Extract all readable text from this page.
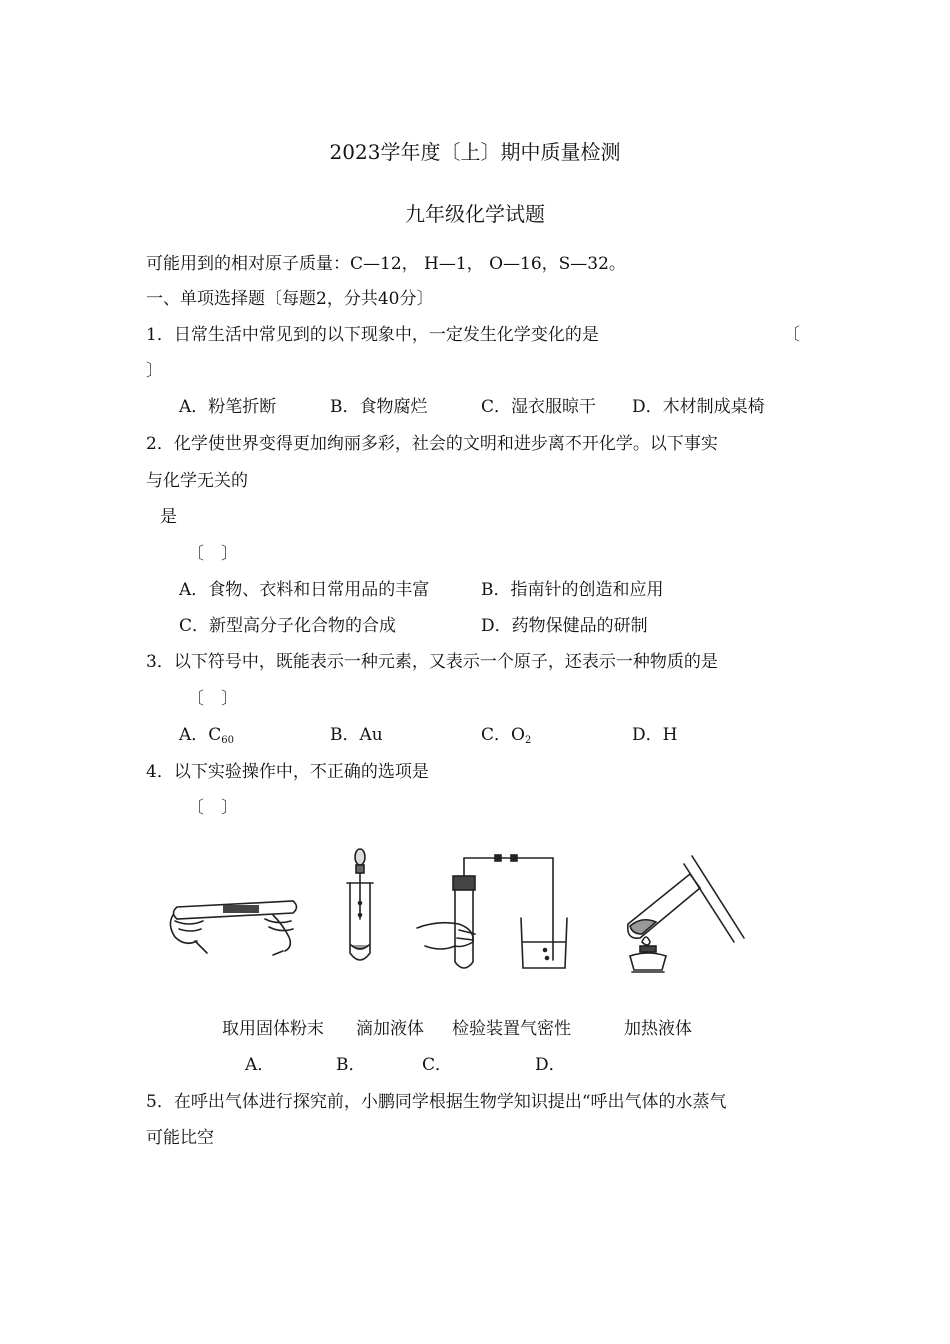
2023学年度〔上〕期中质量检测
九年级化学试题
可能用到的相对原子质量：C—12， H—1， O—16，S—32。
一、单项选择题〔每题2，分共40分〕
1．日常生活中常见到的以下现象中，一定发生化学变化的是	〔
〕
A．粉笔折断	B．食物腐烂	C．湿衣服晾干 D．木材制成桌椅
2．化学使世界变得更加绚丽多彩，社会的文明和进步离不开化学。以下事实
与化学无关的
是
〔　〕
A．食物、衣料和日常用品的丰富	B．指南针的创造和应用
C．新型高分子化合物的合成	D．药物保健品的研制
3．以下符号中，既能表示一种元素，又表示一个原子，还表示一种物质的是
〔　〕
A．$C_{60}$	B．Au	C．$O_2$	D．H
4．以下实验操作中，不正确的选项是
〔　〕
取用固体粉末 滴加液体 检验装置气密性	加热液体
A．	B．	C．	D．
5．在呼出气体进行探究前，小鹏同学根据生物学知识提出“呼出气体的水蒸气
可能比空
